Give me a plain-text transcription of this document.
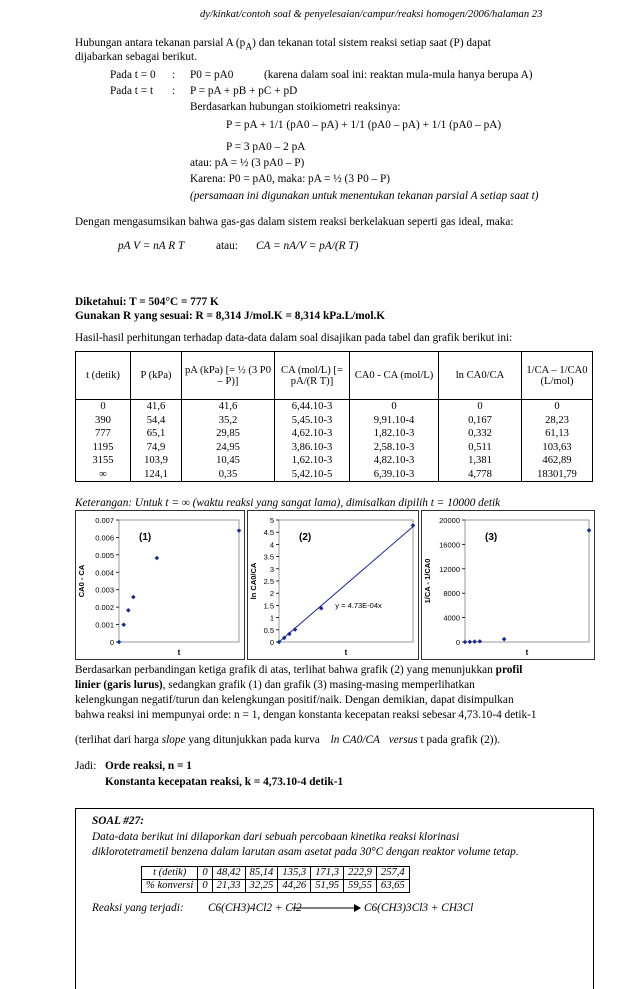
dy/kinkat/contoh soal & penyelesaian/campur/reaksi homogen/2006/halaman 23
Hubungan antara tekanan parsial A $(p_A)$ dan tekanan total sistem reaksi setiap saat (P) dapat
dijabarkan sebagai berikut.
Pada t = 0 : P0 = pA0	(karena dalam soal ini: reaktan mula-mula hanya berupa A)
Pada t = t : P = pA + pB + pC + pD
Berdasarkan hubungan stoikiometri reaksinya:
P = pA + 1/1 (pA0 – pA) + 1/1 (pA0 – pA) + 1/1 (pA0 – pA)
P = 3 pA0 – 2 pA
atau: pA = ½ (3 pA0 – P)
Karena: P0 = pA0, maka: pA = ½ (3 P0 – P)
(persamaan ini digunakan untuk menentukan tekanan parsial A setiap saat t)
Dengan mengasumsikan bahwa gas-gas dalam sistem reaksi berkelakuan seperti gas ideal, maka:
pA V = nA R T	atau: CA = nA/V = pA/(R T)
Diketahui: T = 504°C = 777 K
Gunakan R yang sesuai: R = 8,314 J/mol.K = 8,314 kPa.L/mol.K
Hasil-hasil perhitungan terhadap data-data dalam soal disajikan pada tabel dan grafik berikut ini:
t (detik)	P (kPa)	pA (kPa) [= ½ (3 P0 – P)]	CA (mol/L) [= pA/(R T)]	CA0 - CA (mol/L)	ln CA0/CA	1/CA – 1/CA0 (L/mol)
0	41,6	41,6	6,44.10-3	0	0	0
390	54,4	35,2	5,45.10-3	9,91.10-4	0,167	28,23
777	65,1	29,85	4,62.10-3	1,82.10-3	0,332	61,13
1195	74,9	24,95	3,86.10-3	2,58.10-3	0,511	103,63
3155	103,9	10,45	1,62.10-3	4,82.10-3	1,381	462,89
∞	124,1	0,35	5,42.10-5	6,39.10-3	4,778	18301,79
Keterangan: Untuk t = ∞ (waktu reaksi yang sangat lama), dimisalkan dipilih t = 10000 detik
0
0.001
0.002
0.003
0.004
0.005
0.006
0.007
CA0 - CA
t
(1)
0
0.5
1
1.5
2
2.5
3
3.5
4
4.5
5
ln CA0/CA
t
(2)
y = 4.73E-04x
0
4000
8000
12000
16000
20000
1/CA - 1/CA0
t
(3)
Berdasarkan perbandingan ketiga grafik di atas, terlihat bahwa grafik (2) yang menunjukkan profil
linier (garis lurus), sedangkan grafik (1) dan grafik (3) masing-masing memperlihatkan
kelengkungan negatif/turun dan kelengkungan positif/naik. Dengan demikian, dapat disimpulkan
bahwa reaksi ini mempunyai orde: n = 1, dengan konstanta kecepatan reaksi sebesar 4,73.10-4 detik-1
(terlihat dari harga slope yang ditunjukkan pada kurva ln CA0/CA versus t pada grafik (2)).
Jadi: Orde reaksi, n = 1
Konstanta kecepatan reaksi, k = 4,73.10-4 detik-1
SOAL #27:
Data-data berikut ini dilaporkan dari sebuah percobaan kinetika reaksi klorinasi
diklorotetrametil benzena dalam larutan asam asetat pada 30°C dengan reaktor volume tetap.
t (detik)	0	48,42	85,14	135,3	171,3	222,9	257,4
% konversi	0	21,33	32,25	44,26	51,95	59,55	63,65
Reaksi yang terjadi: C6(CH3)4Cl2 + Cl2	C6(CH3)3Cl3 + CH3Cl
